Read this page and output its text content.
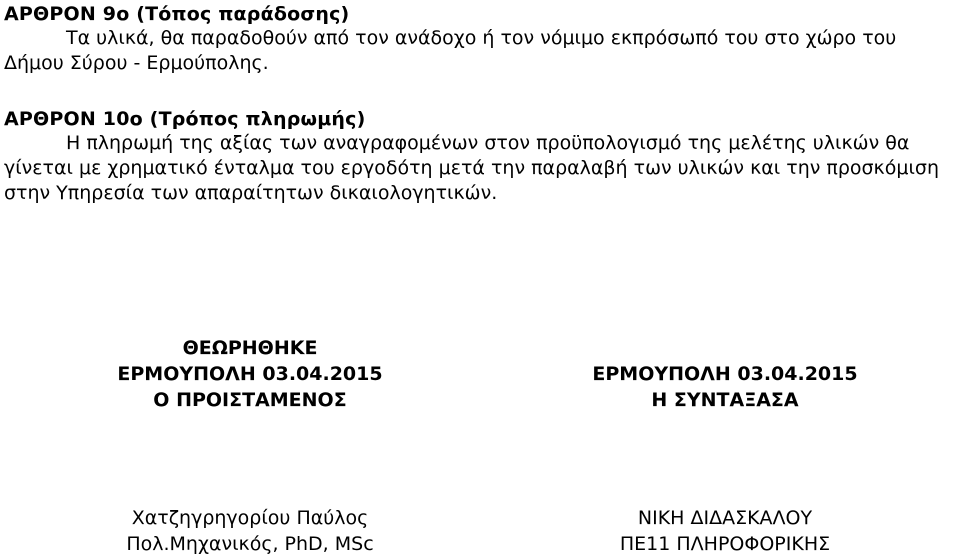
ΑΡΘΡΟΝ 9ο (Τόπος παράδοσης)
Τα υλικά, θα παραδοθούν από τον ανάδοχο ή τον νόμιμο εκπρόσωπό του στο χώρο του
Δήμου Σύρου - Ερμούπολης.
ΑΡΘΡΟΝ 10ο (Τρόπος πληρωμής)
Η πληρωμή της αξίας των αναγραφομένων στον προϋπολογισμό της μελέτης υλικών θα
γίνεται με χρηματικό ένταλμα του εργοδότη μετά την παραλαβή των υλικών και την προσκόμιση
στην Υπηρεσία των απαραίτητων δικαιολογητικών.
ΘΕΩΡΗΘΗΚΕ
ΕΡΜΟΥΠΟΛΗ 03.04.2015
Ο ΠΡΟΙΣΤΑΜΕΝΟΣ
ΕΡΜΟΥΠΟΛΗ 03.04.2015
Η ΣΥΝΤΑΞΑΣΑ
Χατζηγρηγορίου Παύλος
Πολ.Μηχανικός, PhD, MSc
ΝΙΚΗ ΔΙΔΑΣΚΑΛΟΥ
ΠΕ11 ΠΛΗΡΟΦΟΡΙΚΗΣ
